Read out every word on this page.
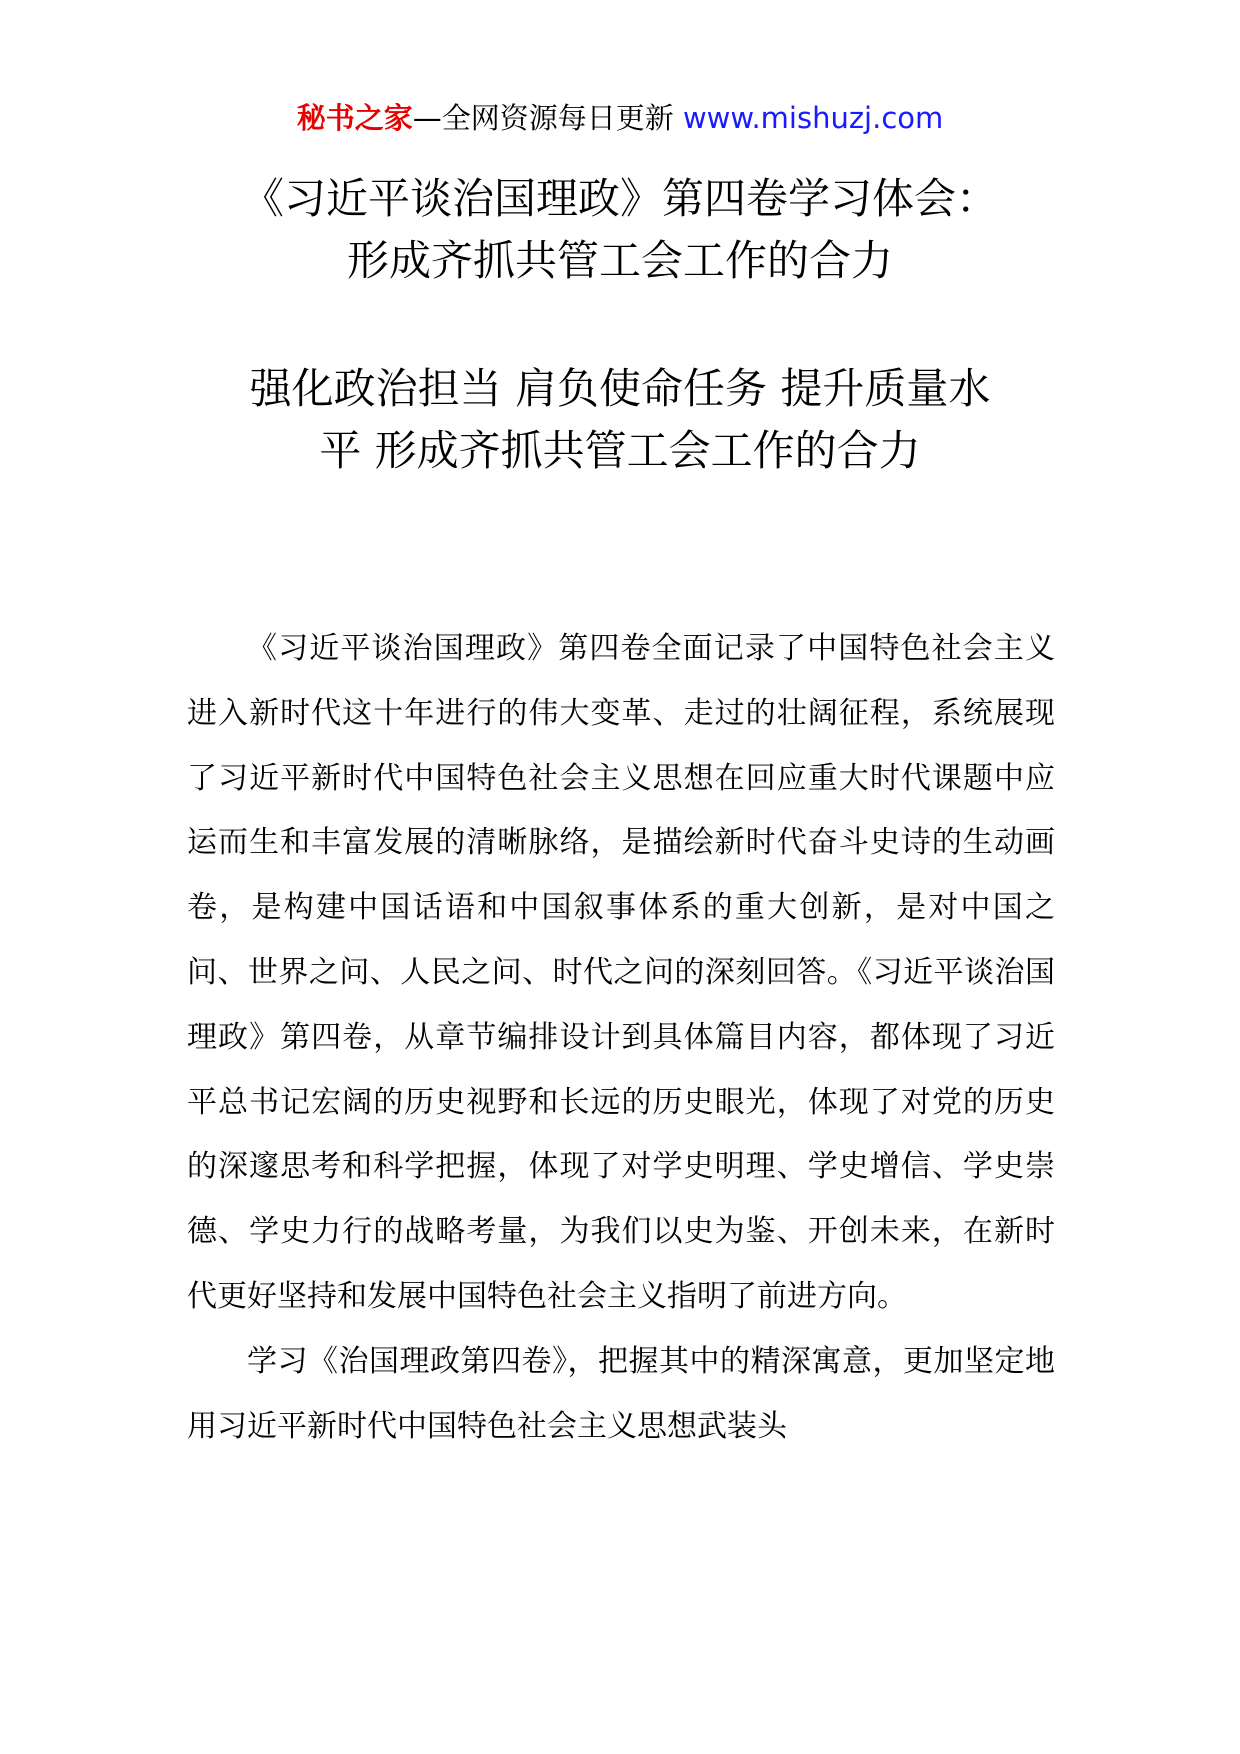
秘书之家—全网资源每日更新 www.mishuzj.com
《习近平谈治国理政》第四卷学习体会：
形成齐抓共管工会工作的合力
强化政治担当 肩负使命任务 提升质量水
平 形成齐抓共管工会工作的合力

《习近平谈治国理政》第四卷全面记录了中国特色社会主义进入新时代这十年进行的伟大变革、走过的壮阔征程，系统展现了习近平新时代中国特色社会主义思想在回应重大时代课题中应运而生和丰富发展的清晰脉络，是描绘新时代奋斗史诗的生动画卷，是构建中国话语和中国叙事体系的重大创新，是对中国之问、世界之问、人民之问、时代之问的深刻回答。《习近平谈治国理政》第四卷，从章节编排设计到具体篇目内容，都体现了习近平总书记宏阔的历史视野和长远的历史眼光，体现了对党的历史的深邃思考和科学把握，体现了对学史明理、学史增信、学史崇德、学史力行的战略考量，为我们以史为鉴、开创未来，在新时代更好坚持和发展中国特色社会主义指明了前进方向。

学习《治国理政第四卷》，把握其中的精深寓意，更加坚定地用习近平新时代中国特色社会主义思想武装头
